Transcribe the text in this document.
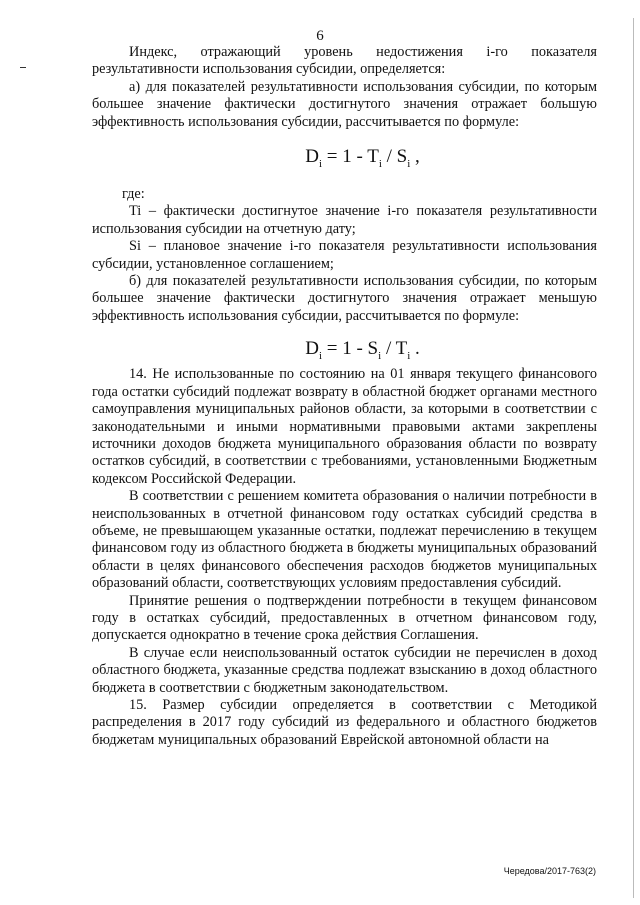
6

Индекс, отражающий уровень недостижения i-го показателя результативности использования субсидии, определяется:

а) для показателей результативности использования субсидии, по которым большее значение фактически достигнутого значения отражает большую эффективность использования субсидии, рассчитывается по формуле:

$D_i = 1 - T_i / S_i$ ,

где:

Ti – фактически достигнутое значение i-го показателя результативности использования субсидии на отчетную дату;

Si – плановое значение i-го показателя результативности использования субсидии, установленное соглашением;

б) для показателей результативности использования субсидии, по которым большее значение фактически достигнутого значения отражает меньшую эффективность использования субсидии, рассчитывается по формуле:

$D_i = 1 - S_i / T_i$ .

14. Не использованные по состоянию на 01 января текущего финансового года остатки субсидий подлежат возврату в областной бюджет органами местного самоуправления муниципальных районов области, за которыми в соответствии с законодательными и иными нормативными правовыми актами закреплены источники доходов бюджета муниципального образования области по возврату остатков субсидий, в соответствии с требованиями, установленными Бюджетным кодексом Российской Федерации.

В соответствии с решением комитета образования о наличии потребности в неиспользованных в отчетной финансовом году остатках субсидий средства в объеме, не превышающем указанные остатки, подлежат перечислению в текущем финансовом году из областного бюджета в бюджеты муниципальных образований области в целях финансового обеспечения расходов бюджетов муниципальных образований области, соответствующих условиям предоставления субсидий.

Принятие решения о подтверждении потребности в текущем финансовом году в остатках субсидий, предоставленных в отчетном финансовом году, допускается однократно в течение срока действия Соглашения.

В случае если неиспользованный остаток субсидии не перечислен в доход областного бюджета, указанные средства подлежат взысканию в доход областного бюджета в соответствии с бюджетным законодательством.

15. Размер субсидии определяется в соответствии с Методикой распределения в 2017 году субсидий из федерального и областного бюджетов бюджетам муниципальных образований Еврейской автономной области на

Чередова/2017-763(2)
